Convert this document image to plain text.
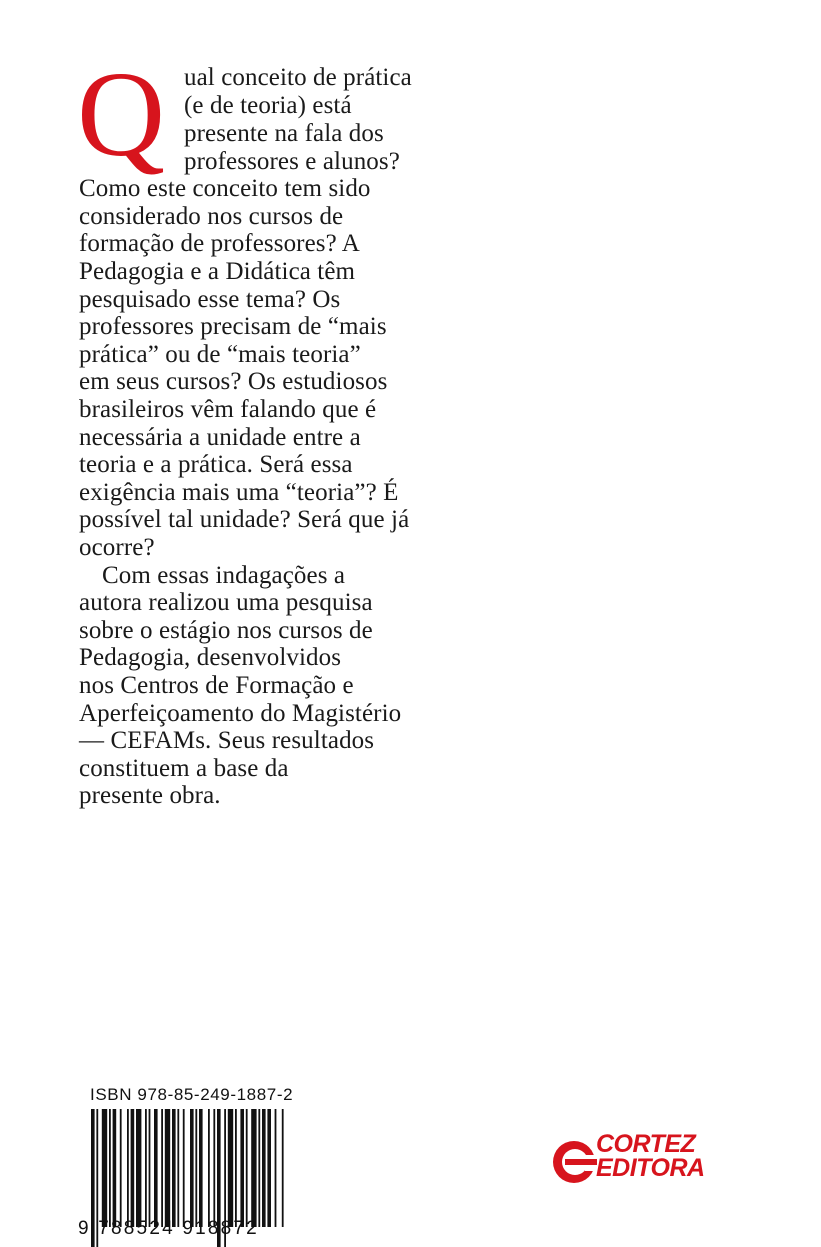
Q ual conceito de prática
(e de teoria) está
presente na fala dos
professores e alunos?
Como este conceito tem sido
considerado nos cursos de
formação de professores? A
Pedagogia e a Didática têm
pesquisado esse tema? Os
professores precisam de “mais
prática” ou de “mais teoria”
em seus cursos? Os estudiosos
brasileiros vêm falando que é
necessária a unidade entre a
teoria e a prática. Será essa
exigência mais uma “teoria”? É
possível tal unidade? Será que já
ocorre?
Com essas indagações a
autora realizou uma pesquisa
sobre o estágio nos cursos de
Pedagogia, desenvolvidos
nos Centros de Formação e
Aperfeiçoamento do Magistério
— CEFAMs. Seus resultados
constituem a base da
presente obra.
ISBN 978-85-249-1887-2
9 788524 918872
CORTEZ
EDITORA
